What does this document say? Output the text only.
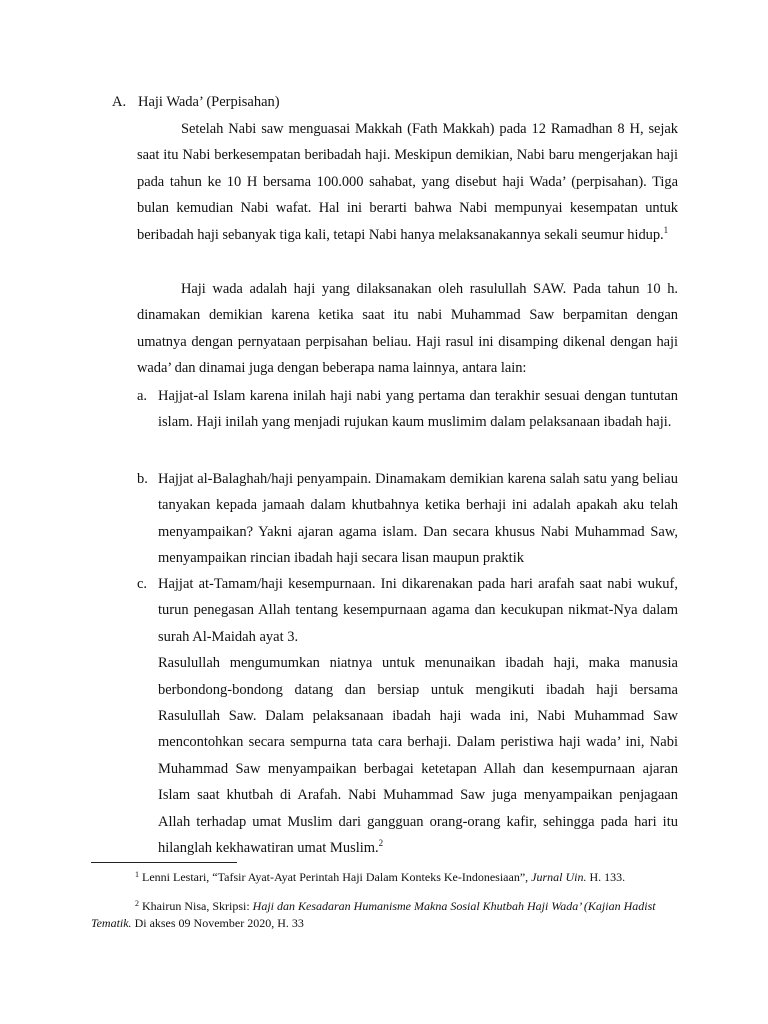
A. Haji Wada’ (Perpisahan)
Setelah Nabi saw menguasai Makkah (Fath Makkah) pada 12 Ramadhan 8 H, sejak saat itu Nabi berkesempatan beribadah haji. Meskipun demikian, Nabi baru mengerjakan haji pada tahun ke 10 H bersama 100.000 sahabat, yang disebut haji Wada’ (perpisahan). Tiga bulan kemudian Nabi wafat. Hal ini berarti bahwa Nabi mempunyai kesempatan untuk beribadah haji sebanyak tiga kali, tetapi Nabi hanya melaksanakannya sekali seumur hidup.$^1$
Haji wada adalah haji yang dilaksanakan oleh rasulullah SAW. Pada tahun 10 h. dinamakan demikian karena ketika saat itu nabi Muhammad Saw berpamitan dengan umatnya dengan pernyataan perpisahan beliau. Haji rasul ini disamping dikenal dengan haji wada’ dan dinamai juga dengan beberapa nama lainnya, antara lain:
a. Hajjat-al Islam karena inilah haji nabi yang pertama dan terakhir sesuai dengan tuntutan islam. Haji inilah yang menjadi rujukan kaum muslimim dalam pelaksanaan ibadah haji.
b. Hajjat al-Balaghah/haji penyampain. Dinamakam demikian karena salah satu yang beliau tanyakan kepada jamaah dalam khutbahnya ketika berhaji ini adalah apakah aku telah menyampaikan? Yakni ajaran agama islam. Dan secara khusus Nabi Muhammad Saw, menyampaikan rincian ibadah haji secara lisan maupun praktik
c. Hajjat at-Tamam/haji kesempurnaan. Ini dikarenakan pada hari arafah saat nabi wukuf, turun penegasan Allah tentang kesempurnaan agama dan kecukupan nikmat-Nya dalam surah Al-Maidah ayat 3.
Rasulullah mengumumkan niatnya untuk menunaikan ibadah haji, maka manusia berbondong-bondong datang dan bersiap untuk mengikuti ibadah haji bersama Rasulullah Saw. Dalam pelaksanaan ibadah haji wada ini, Nabi Muhammad Saw mencontohkan secara sempurna tata cara berhaji. Dalam peristiwa haji wada’ ini, Nabi Muhammad Saw menyampaikan berbagai ketetapan Allah dan kesempurnaan ajaran Islam saat khutbah di Arafah. Nabi Muhammad Saw juga menyampaikan penjagaan Allah terhadap umat Muslim dari gangguan orang-orang kafir, sehingga pada hari itu hilanglah kekhawatiran umat Muslim.$^2$
$^1$ Lenni Lestari, “Tafsir Ayat-Ayat Perintah Haji Dalam Konteks Ke-Indonesiaan”, Jurnal Uin. H. 133.
$^2$ Khairun Nisa, Skripsi: Haji dan Kesadaran Humanisme Makna Sosial Khutbah Haji Wada’ (Kajian Hadist Tematik. Di akses 09 November 2020, H. 33
